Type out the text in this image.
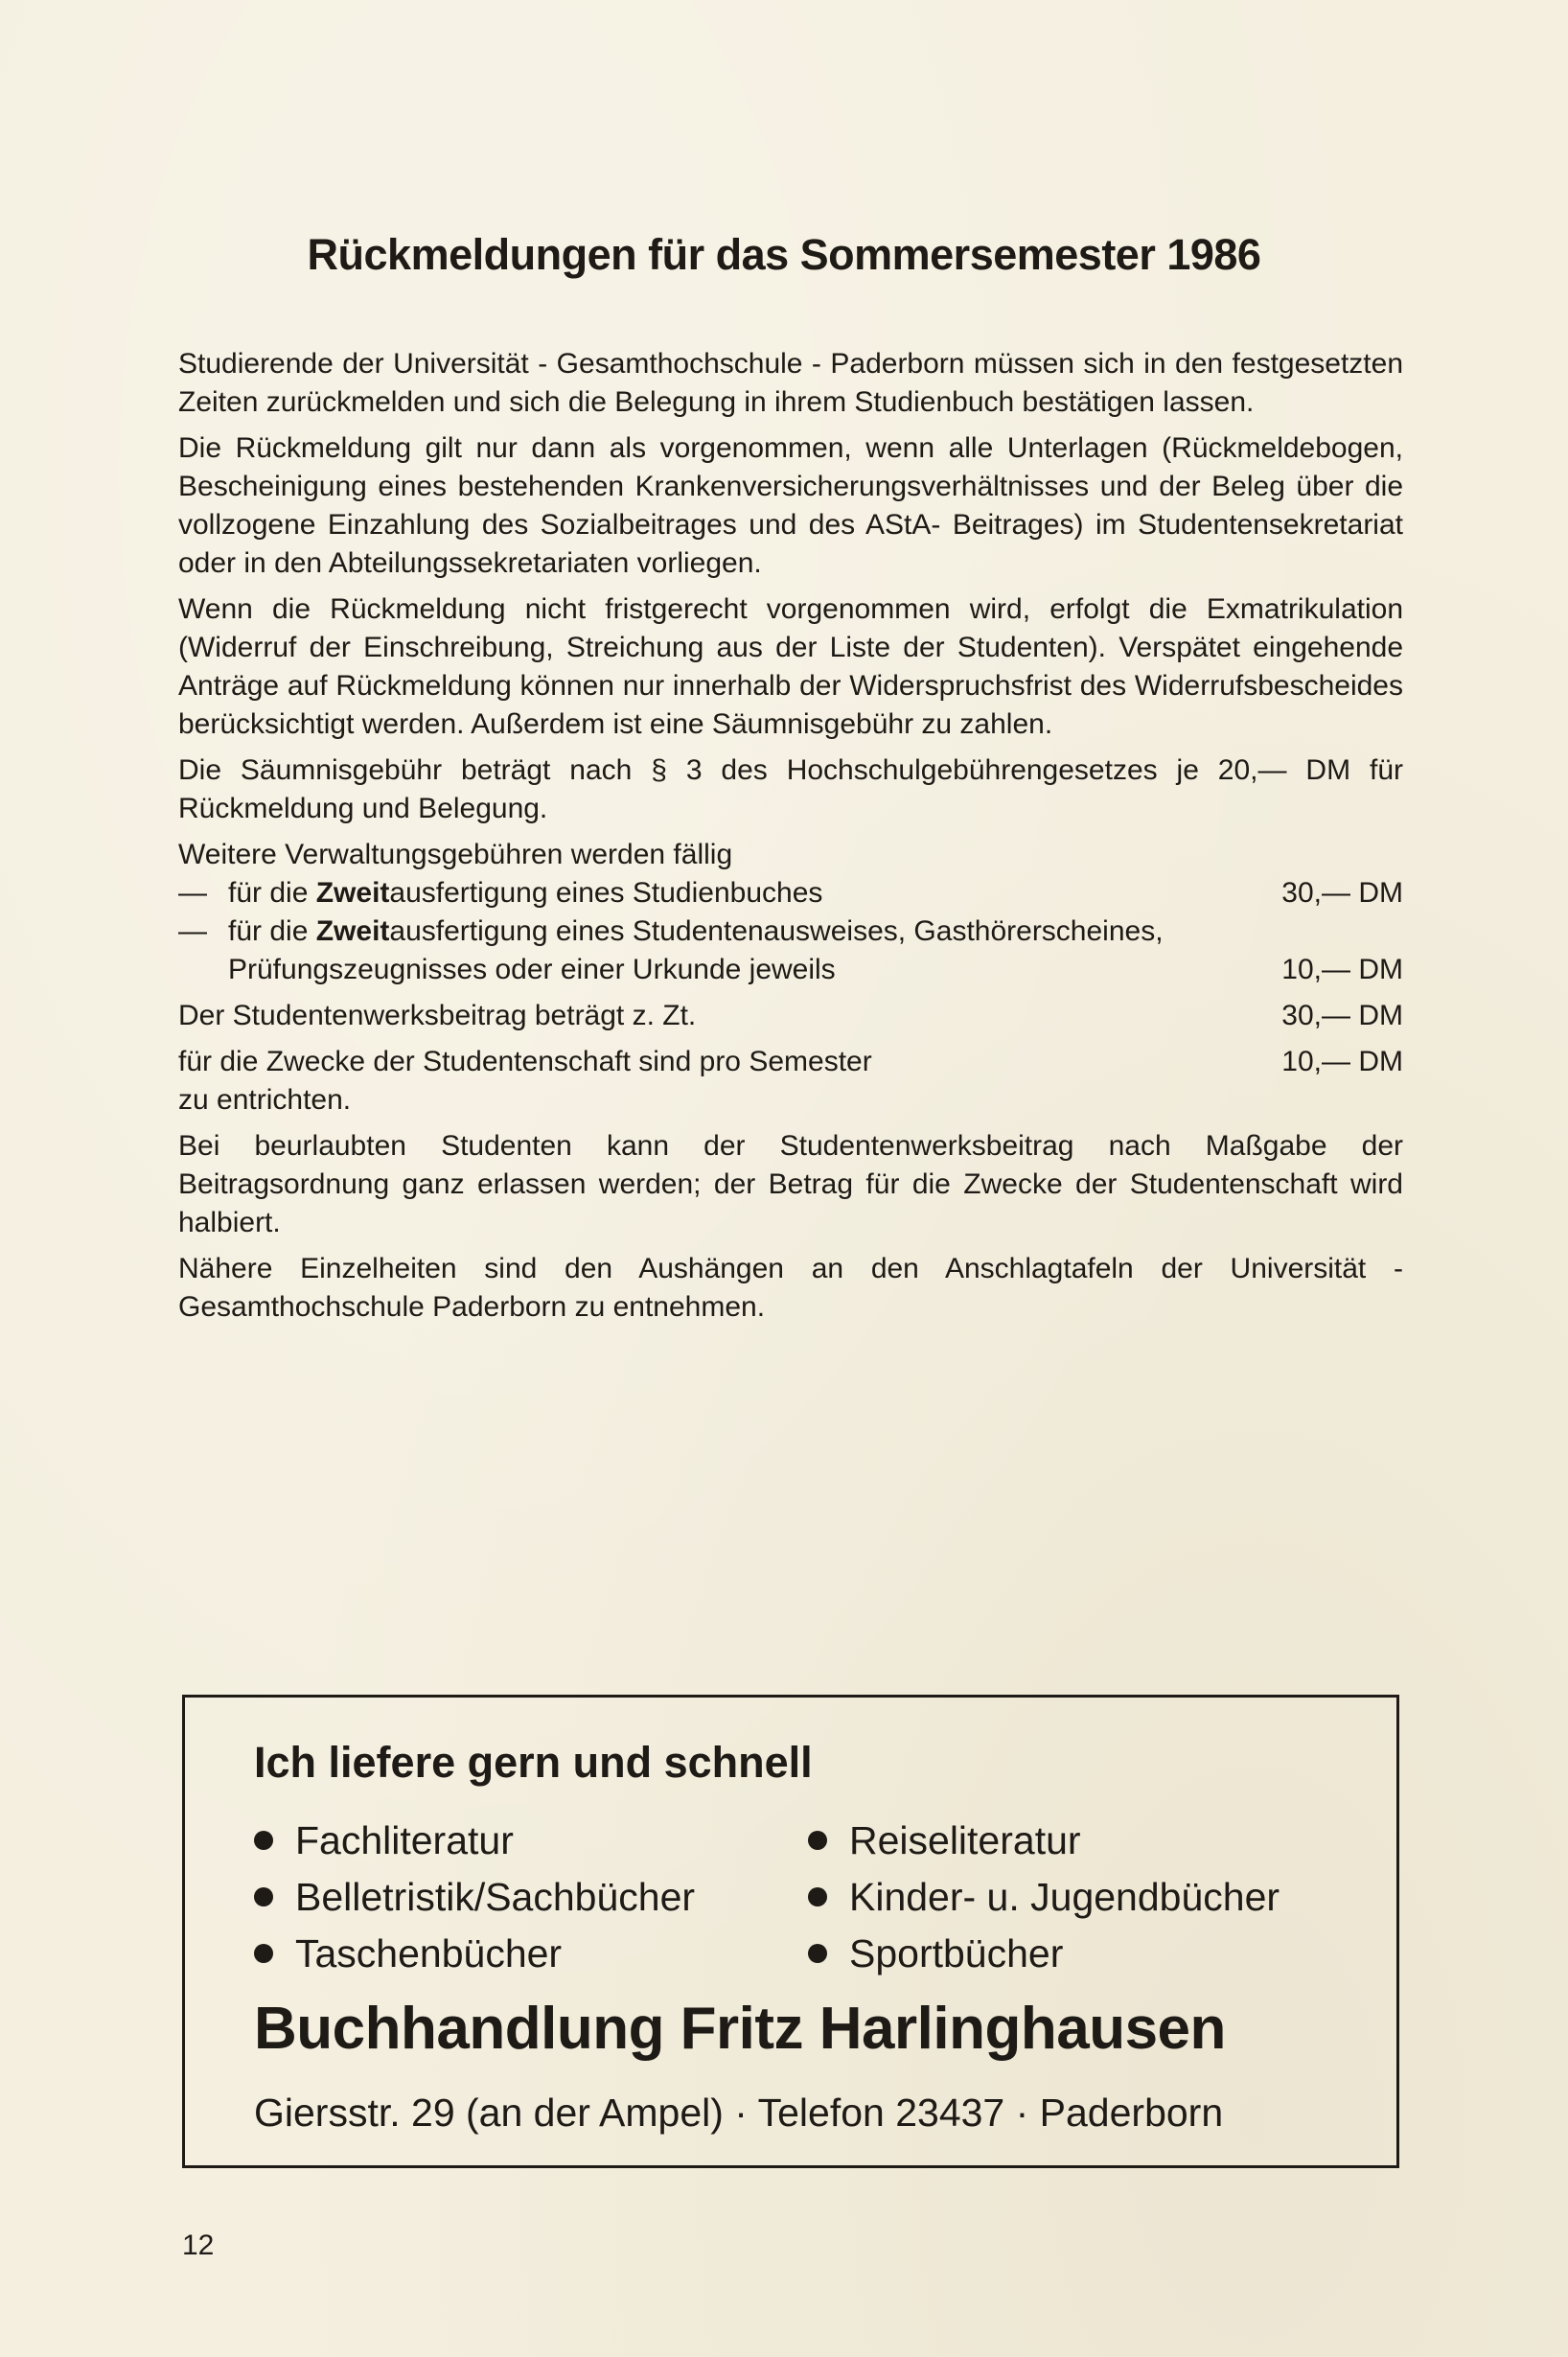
Rückmeldungen für das Sommersemester 1986

Studierende der Universität - Gesamthochschule - Paderborn müssen sich in den festgesetzten Zeiten zurückmelden und sich die Belegung in ihrem Studienbuch bestätigen lassen.

Die Rückmeldung gilt nur dann als vorgenommen, wenn alle Unterlagen (Rückmeldebogen, Bescheinigung eines bestehenden Krankenversicherungsverhältnisses und der Beleg über die vollzogene Einzahlung des Sozialbeitrages und des AStA- Beitrages) im Studentensekretariat oder in den Abteilungssekretariaten vorliegen.

Wenn die Rückmeldung nicht fristgerecht vorgenommen wird, erfolgt die Exmatrikulation (Widerruf der Einschreibung, Streichung aus der Liste der Studenten). Verspätet eingehende Anträge auf Rückmeldung können nur innerhalb der Widerspruchsfrist des Widerrufsbescheides berücksichtigt werden. Außerdem ist eine Säumnisgebühr zu zahlen.

Die Säumnisgebühr beträgt nach § 3 des Hochschulgebührengesetzes je 20,— DM für Rückmeldung und Belegung.

Weitere Verwaltungsgebühren werden fällig
— für die Zweitausfertigung eines Studienbuches	30,— DM
— für die Zweitausfertigung eines Studentenausweises, Gasthörerscheines, Prüfungszeugnisses oder einer Urkunde jeweils	10,— DM
Der Studentenwerksbeitrag beträgt z. Zt.	30,— DM
für die Zwecke der Studentenschaft sind pro Semester	10,— DM
zu entrichten.

Bei beurlaubten Studenten kann der Studentenwerksbeitrag nach Maßgabe der Beitragsordnung ganz erlassen werden; der Betrag für die Zwecke der Studentenschaft wird halbiert.

Nähere Einzelheiten sind den Aushängen an den Anschlagtafeln der Universität - Gesamthochschule Paderborn zu entnehmen.

Ich liefere gern und schnell
Fachliteratur	Reiseliteratur
Belletristik/Sachbücher	Kinder- u. Jugendbücher
Taschenbücher	Sportbücher
Buchhandlung Fritz Harlinghausen
Giersstr. 29 (an der Ampel) · Telefon 23437 · Paderborn
12
